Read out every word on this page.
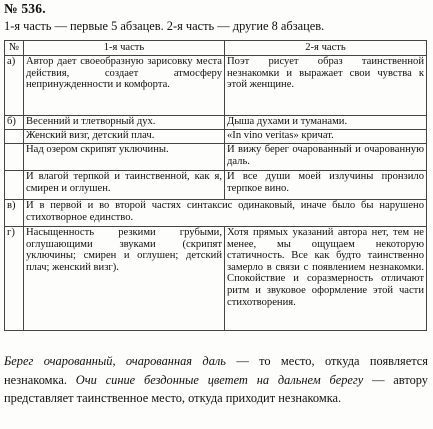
№ 536.
1-я часть — первые 5 абзацев. 2-я часть — другие 8 абзацев.
№	1-я часть	2-я часть
а)	Автор дает своеобразную зарисовку места действия, создает атмосферу непринужденности и комфорта.	Поэт рисует образ таинственной незнакомки и выражает свои чувства к этой женщине.
б)	Весенний и тлетворный дух.	Дыша духами и туманами.
	Женский визг, детский плач.	«In vino veritas» кричат.
	Над озером скрипят уключины.	И вижу берег очарованный и очарованную даль.
	И влагой терпкой и таинственной, как я, смирен и оглушен.	И все души моей излучины пронзило терпкое вино.
в)	И в первой и во второй частях синтаксис одинаковый, иначе было бы нарушено стихотворное единство.	
г)	Насыщенность резкими грубыми, оглушающими звуками (скрипят уключины; смирен и оглушен; детский плач; женский визг).	Хотя прямых указаний автора нет, тем не менее, мы ощущаем некоторую статичность. Все как будто таинственно замерло в связи с появлением незнакомки. Спокойствие и соразмерность отличают ритм и звуковое оформление этой части стихотворения.
Берег очарованный, очарованная даль — то место, откуда появляется незнакомка. Очи синие бездонные цветет на дальнем берегу — автору представляет таинственное место, откуда приходит незнакомка.
